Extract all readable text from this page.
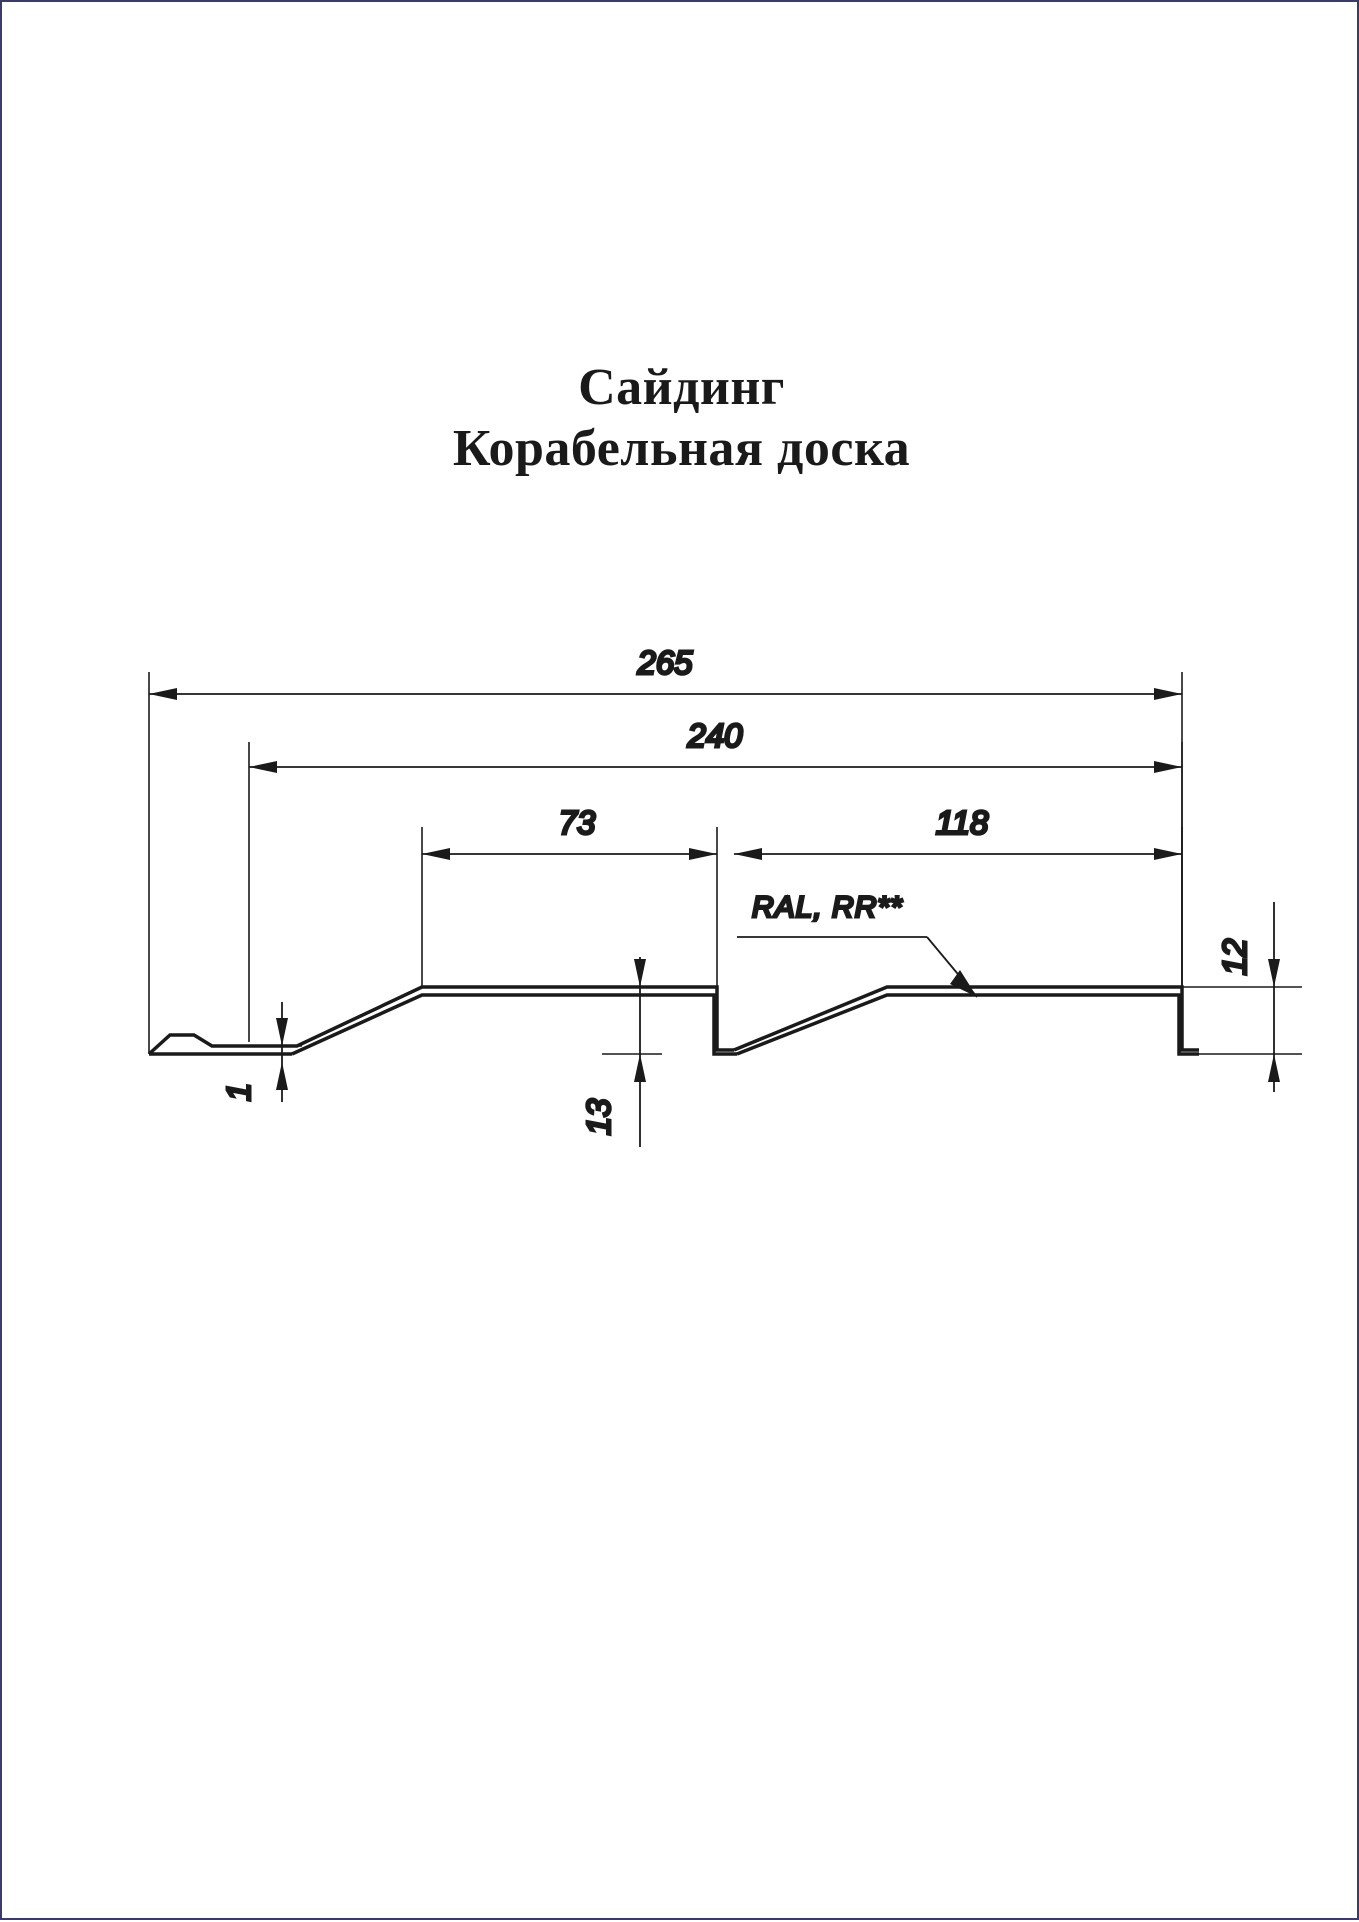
Сайдинг
Корабельная доска
265
240
73	118
1
13
12
RAL, RR**
